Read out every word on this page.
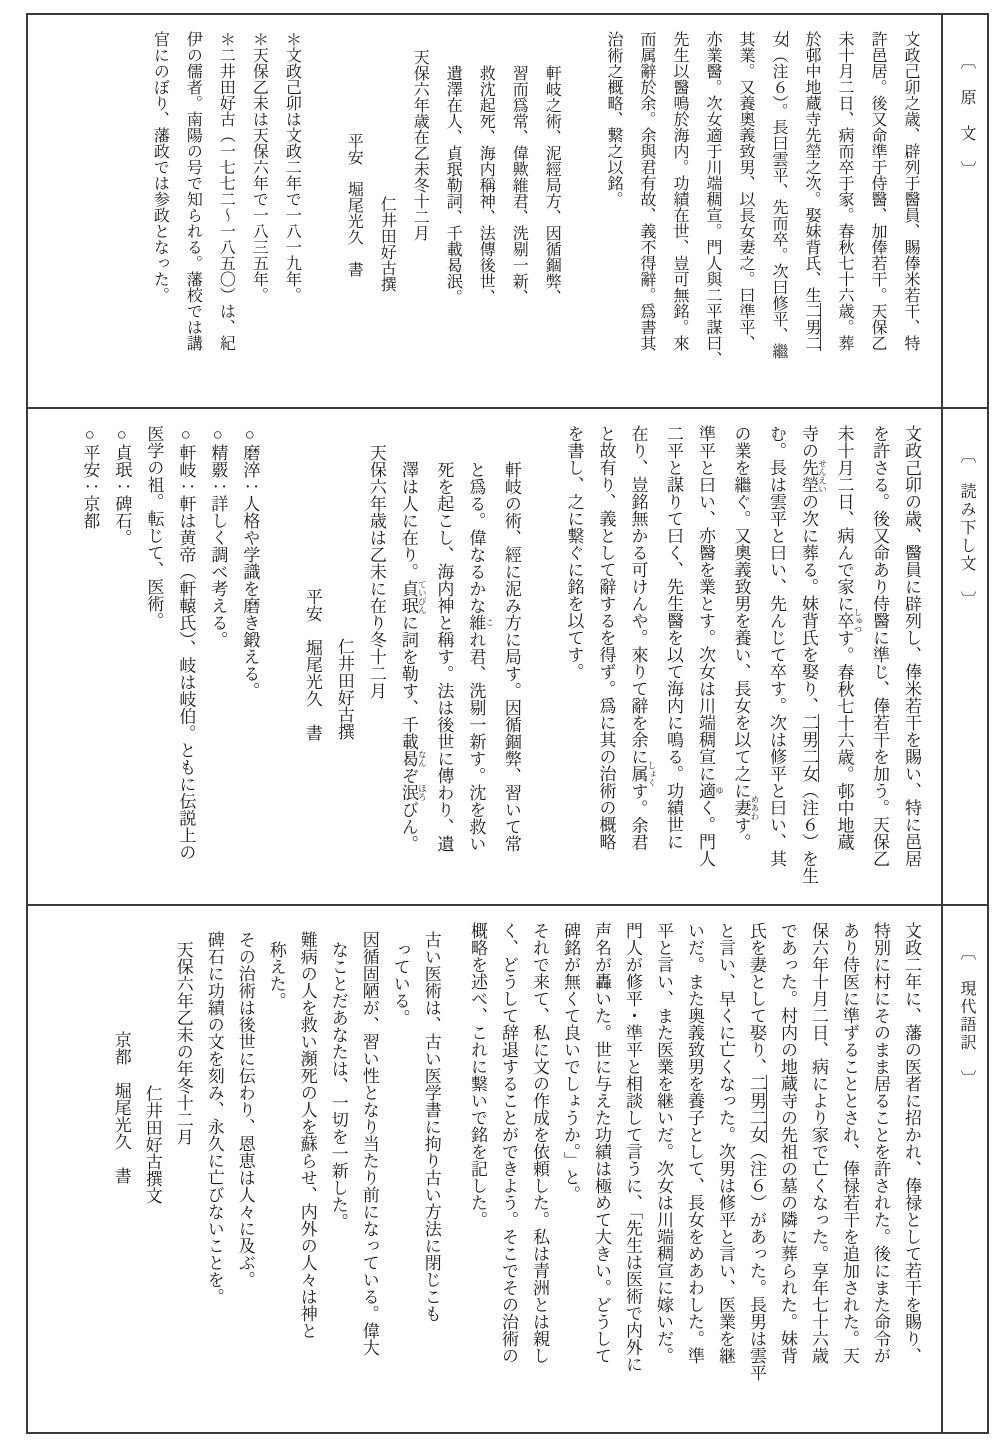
文政己卯之歳、辟列于醫員、賜俸米若干、特

許邑居。後又命準于侍醫、加俸若干。天保乙

未十月二日、病而卒于家。春秋七十六歳。葬

於邨中地蔵寺先塋之次。娶妹背氏、生二男二

女（注６）。長曰雲平、先而卒。次曰修平、繼

其業。又養奧義致男、以長女妻之。曰準平、

亦業醫。次女適于川端稠宣。門人與二平謀曰、

先生以醫鳴於海内。功績在世、豈可無銘。來

而属辭於余。余與君有故、義不得辭。爲書其

治術之概略、繋之以銘。

軒岐之術、泥經局方、因循錮弊、

習而爲常、偉歟維君、洗剔一新、

救沈起死、海内稱神、法傳後世、

遺澤在人、貞珉勒詞、千載曷泯。

天保六年歳在乙未冬十二月

仁井田好古撰

平安　堀尾光久　書

＊文政己卯は文政二年で一八一九年。

＊天保乙未は天保六年で一八三五年。

＊二井田好古（一七七二～一八五〇）は、紀

伊の儒者。南陽の号で知られる。藩校では講

官にのぼり、藩政では参政となった。	〔　原　文　〕

文政己卯の歳、醫員に辟列し、俸米若干を賜い、特に邑居

を許さる。後又命あり侍醫に準じ、俸若干を加う。天保乙

未十月二日、病んで家に卒 しゅつす。春秋七十六歳。邨中地蔵

寺の先塋 せんえいの次に葬る。妹背氏を娶り、二男二女（注６）を生

む。長は雲平と曰い、先んじて卒す。次は修平と曰い、其

の業を繼ぐ。又奧義致男を養い、長女を以て之に妻 めあわす。

準平と曰い、亦醫を業とす。次女は川端稠宣に適 ゆく。門人

二平と謀りて曰く、先生醫を以て海内に鳴る。功績世に

在り、豈銘無かる可けんや。來りて辭を余に属 しょくす。余君

と故有り、義として辭するを得ず。爲に其の治術の概略

を書し、之に繋ぐに銘を以てす。

軒岐の術、經に泥み方に局す。因循錮弊、習いて常

と爲る。偉なるかな維 これ君、洗剔一新す。沈を救い

死を起こし、海内神と稱す。法は後世に傳わり、遺

澤は人に在り。貞珉 ていびんに詞を勒す、千載曷 なんぞ泯 ほろびん。

天保六年歳は乙未に在り冬十二月

仁井田好古撰

平安　堀尾光久　書

○磨淬：人格や学識を磨き鍛える。

○精覈：詳しく調べ考える。

○軒岐：軒は黄帝（軒轅氏）、岐は岐伯。ともに伝説上の

医学の祖。転じて、医術。

○貞珉：碑石。

○平安：京都	〔　読み下し文　〕

文政二年に、藩の医者に招かれ、俸禄として若干を賜り、

特別に村にそのまま居ることを許された。後にまた命令が

あり侍医に準ずることとされ、俸禄若干を追加された。天

保六年十月二日、病により家で亡くなった。享年七十六歳

であった。村内の地蔵寺の先祖の墓の隣に葬られた。妹背

氏を妻として娶り、二男二女（注６）があった。長男は雲平

と言い、早くに亡くなった。次男は修平と言い、医業を継

いだ。また奥義致男を養子として、長女をめあわした。準

平と言い、また医業を継いだ。次女は川端稠宣に嫁いだ。

門人が修平・準平と相談して言うに、「先生は医術で内外に

声名が轟いた。世に与えた功績は極めて大きい。どうして

碑銘が無くて良いでしょうか。」と。

それで来て、私に文の作成を依頼した。私は青洲とは親し

く、どうして辞退することができよう。そこでその治術の

概略を述べ、これに繋いで銘を記した。

古い医術は、古い医学書に拘り古い方法に閉じこも

っている。

因循固陋が、習い性となり当たり前になっている。偉大

なことだあなたは、一切を一新した。

難病の人を救い瀕死の人を蘇らせ、内外の人々は神と

称えた。

その治術は後世に伝わり、恩恵は人々に及ぶ。

碑石に功績の文を刻み、永久に亡びないことを。

天保六年乙未の年冬十二月

仁井田好古撰文

京都　堀尾光久　書

〔　現代語訳　〕
